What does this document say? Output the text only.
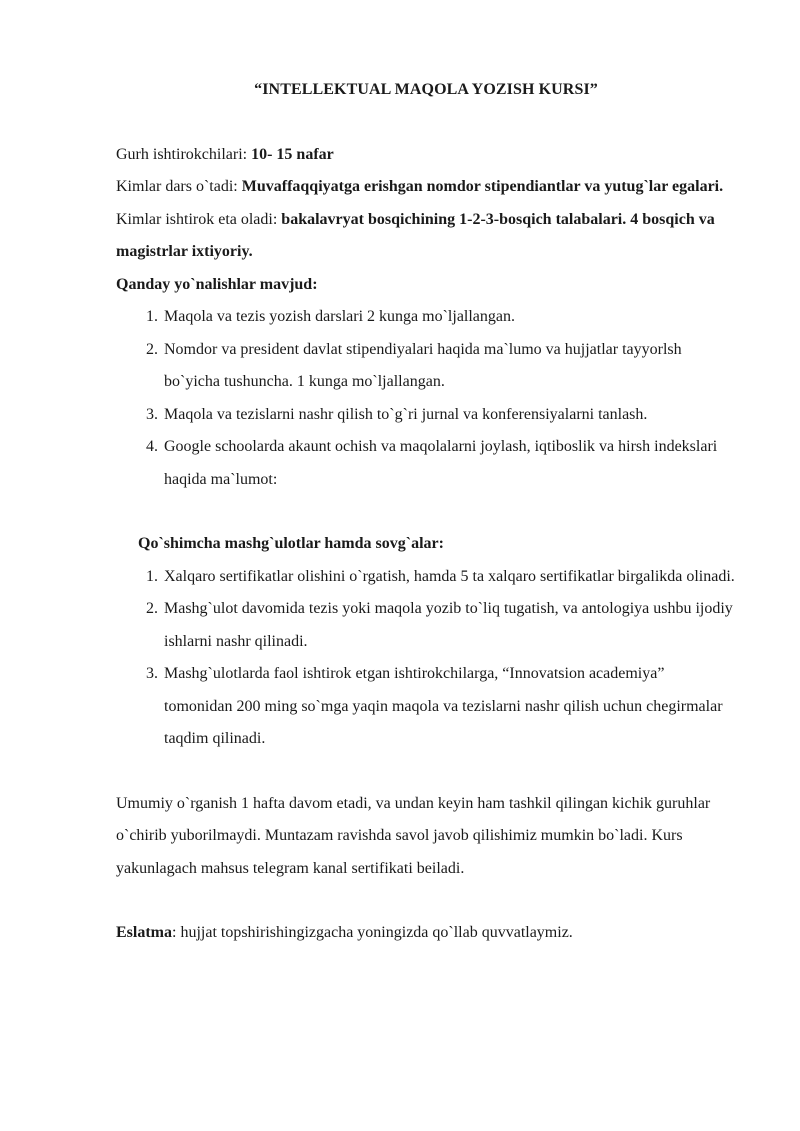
“INTELLEKTUAL MAQOLA YOZISH KURSI”

Gurh ishtirokchilari: 10- 15 nafar

Kimlar dars o`tadi: Muvaffaqqiyatga erishgan nomdor stipendiantlar va yutug`lar egalari.

Kimlar ishtirok eta oladi: bakalavryat bosqichining 1-2-3-bosqich talabalari. 4 bosqich va magistrlar ixtiyoriy.

Qanday yo`nalishlar mavjud:

1. Maqola va tezis yozish darslari 2 kunga mo`ljallangan.
2. Nomdor va president davlat stipendiyalari haqida ma`lumo va hujjatlar tayyorlsh bo`yicha tushuncha. 1 kunga mo`ljallangan.
3. Maqola va tezislarni nashr qilish to`g`ri jurnal va konferensiyalarni tanlash.
4. Google schoolarda akaunt ochish va maqolalarni joylash, iqtiboslik va hirsh indekslari haqida ma`lumot:

Qo`shimcha mashg`ulotlar hamda sovg`alar:

1. Xalqaro sertifikatlar olishini o`rgatish, hamda 5 ta xalqaro sertifikatlar birgalikda olinadi.
2. Mashg`ulot davomida tezis yoki maqola yozib to`liq tugatish, va antologiya ushbu ijodiy ishlarni nashr qilinadi.
3. Mashg`ulotlarda faol ishtirok etgan ishtirokchilarga, “Innovatsion academiya” tomonidan 200 ming so`mga yaqin maqola va tezislarni nashr qilish uchun chegirmalar taqdim qilinadi.

Umumiy o`rganish 1 hafta davom etadi, va undan keyin ham tashkil qilingan kichik guruhlar o`chirib yuborilmaydi. Muntazam ravishda savol javob qilishimiz mumkin bo`ladi. Kurs yakunlagach mahsus telegram kanal sertifikati beiladi.

Eslatma: hujjat topshirishingizgacha yoningizda qo`llab quvvatlaymiz.
